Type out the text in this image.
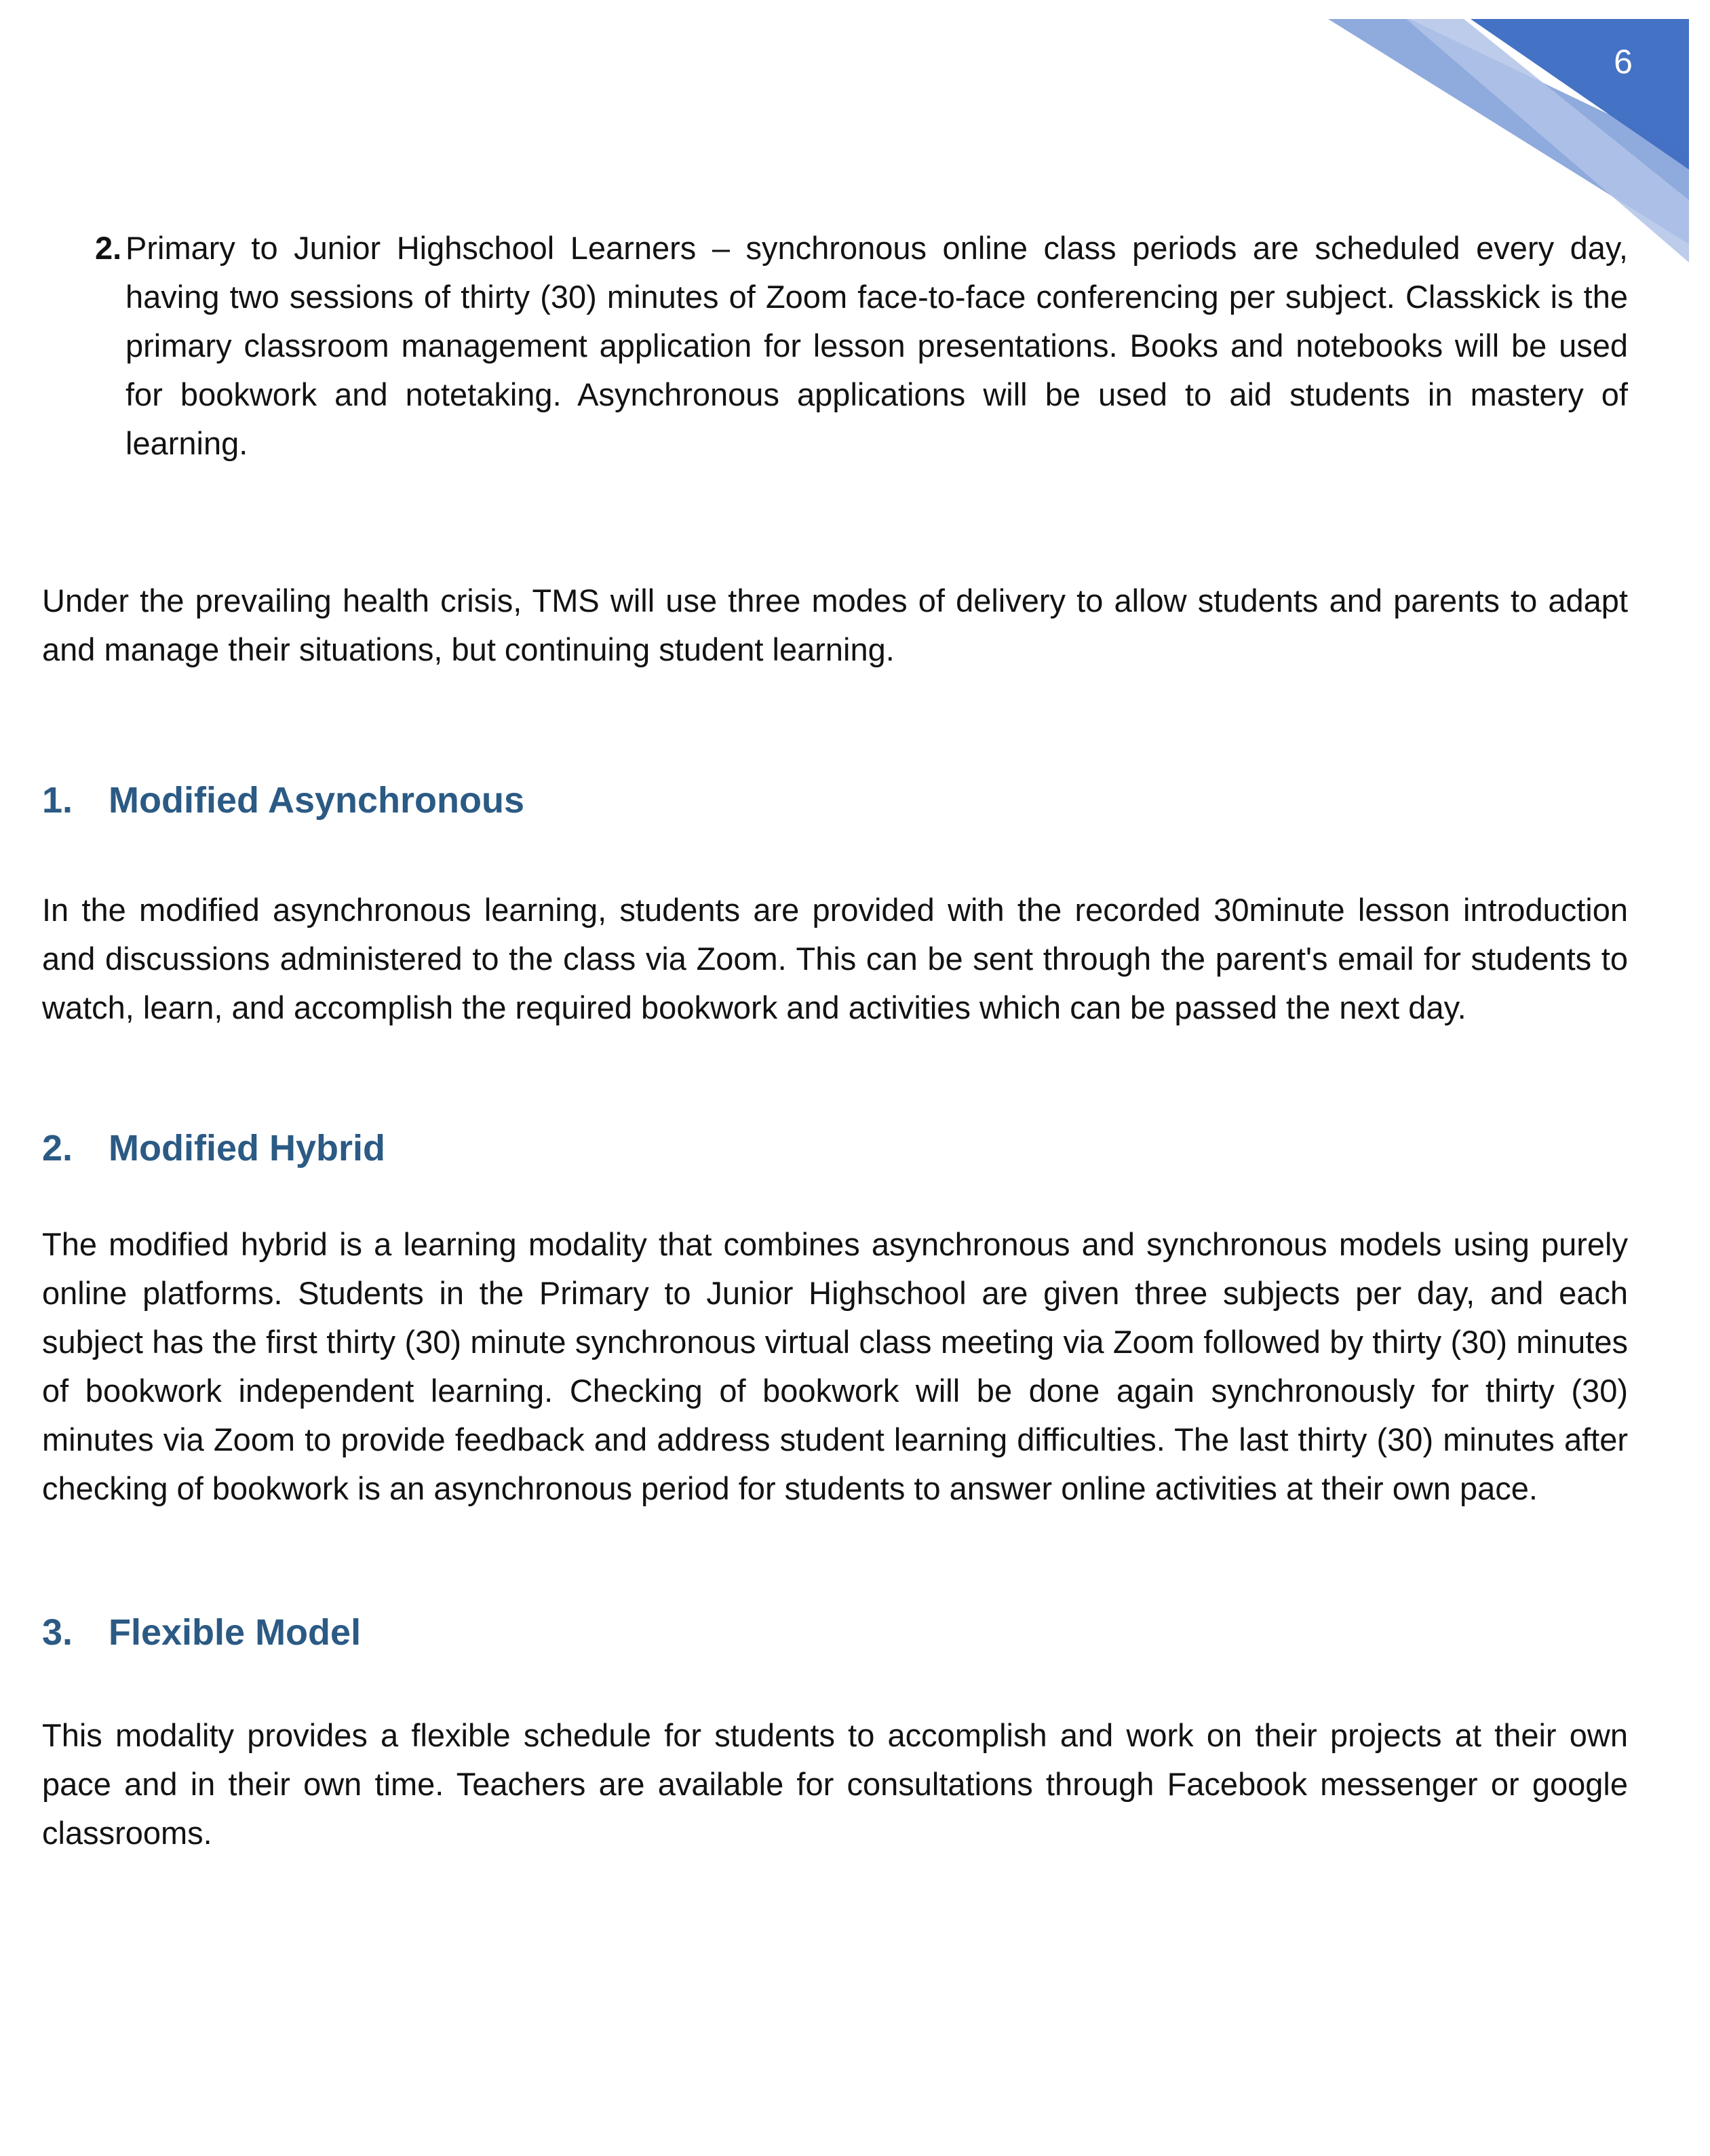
6
2. Primary to Junior Highschool Learners – synchronous online class periods are scheduled every day, having two sessions of thirty (30) minutes of Zoom face-to-face conferencing per subject. Classkick is the primary classroom management application for lesson presentations. Books and notebooks will be used for bookwork and notetaking. Asynchronous applications will be used to aid students in mastery of learning.

Under the prevailing health crisis, TMS will use three modes of delivery to allow students and parents to adapt and manage their situations, but continuing student learning.

1. Modified Asynchronous

In the modified asynchronous learning, students are provided with the recorded 30minute lesson introduction and discussions administered to the class via Zoom. This can be sent through the parent's email for students to watch, learn, and accomplish the required bookwork and activities which can be passed the next day.

2. Modified Hybrid

The modified hybrid is a learning modality that combines asynchronous and synchronous models using purely online platforms. Students in the Primary to Junior Highschool are given three subjects per day, and each subject has the first thirty (30) minute synchronous virtual class meeting via Zoom followed by thirty (30) minutes of bookwork independent learning. Checking of bookwork will be done again synchronously for thirty (30) minutes via Zoom to provide feedback and address student learning difficulties. The last thirty (30) minutes after checking of bookwork is an asynchronous period for students to answer online activities at their own pace.

3. Flexible Model

This modality provides a flexible schedule for students to accomplish and work on their projects at their own pace and in their own time. Teachers are available for consultations through Facebook messenger or google classrooms.
